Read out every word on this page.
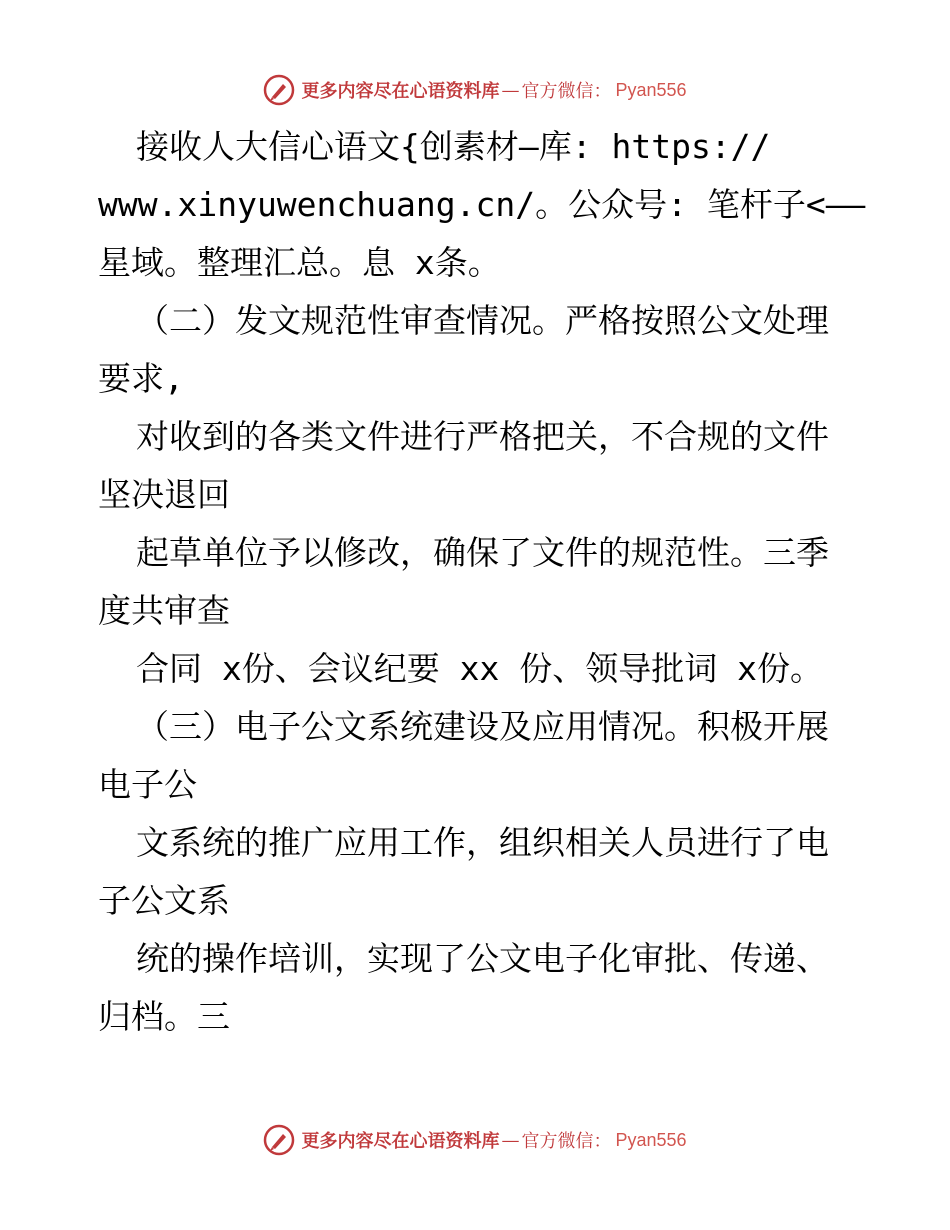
更多内容尽在心语资料库 — 官方微信： Pyan556
接收人大信心语文{创素材—库: https://
www.xinyuwenchuang.cn/。公众号: 笔杆子<——
星域。整理汇总。息 x条。
（二）发文规范性审查情况。严格按照公文处理
要求,
对收到的各类文件进行严格把关，不合规的文件
坚决退回
起草单位予以修改，确保了文件的规范性。三季
度共审查
合同 x份、会议纪要 xx 份、领导批词 x份。
（三）电子公文系统建设及应用情况。积极开展
电子公
文系统的推广应用工作，组织相关人员进行了电
子公文系
统的操作培训，实现了公文电子化审批、传递、
归档。三
更多内容尽在心语资料库 — 官方微信： Pyan556
